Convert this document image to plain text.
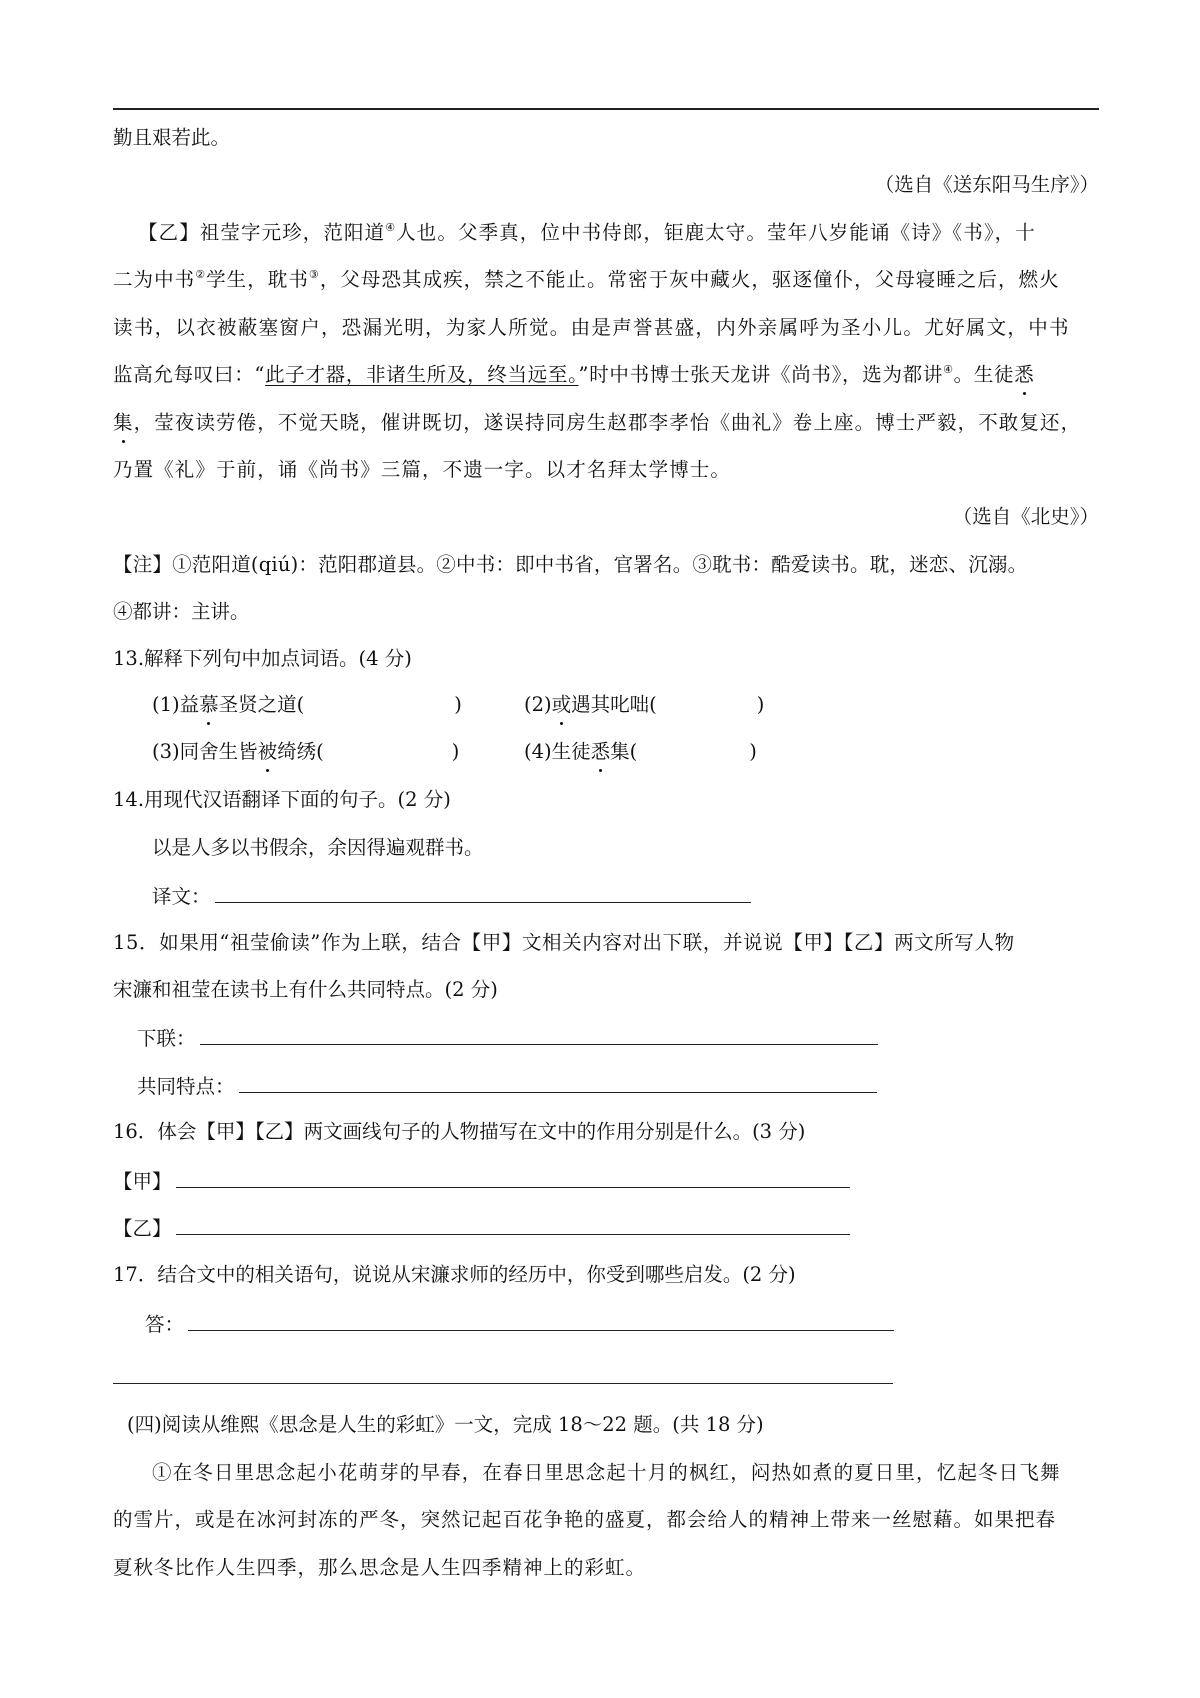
勤且艰若此。
（选自《送东阳马生序》）
【乙】祖莹字元珍，范阳道④人也。父季真，位中书侍郎，钜鹿太守。莹年八岁能诵《诗》《书》，十
二为中书②学生，耽书③，父母恐其成疾，禁之不能止。常密于灰中藏火，驱逐僮仆，父母寝睡之后，燃火
读书，以衣被蔽塞窗户，恐漏光明，为家人所觉。由是声誉甚盛，内外亲属呼为圣小儿。尤好属文，中书
监高允每叹曰：“此子才器，非诸生所及，终当远至。”时中书博士张天龙讲《尚书》，选为都讲④。生徒悉
集，莹夜读劳倦，不觉天晓，催讲既切，遂误持同房生赵郡李孝怡《曲礼》卷上座。博士严毅，不敢复还，
乃置《礼》于前，诵《尚书》三篇，不遗一字。以才名拜太学博士。
（选自《北史》）
【注】①范阳道(qiú)：范阳郡道县。②中书：即中书省，官署名。③耽书：酷爱读书。耽，迷恋、沉溺。
④都讲：主讲。
13.解释下列句中加点词语。(4 分)
(1)益慕圣贤之道(	)	(2)或遇其叱咄(	)
(3)同舍生皆被绮绣(	)	(4)生徒悉集(	)
14.用现代汉语翻译下面的句子。(2 分)
以是人多以书假余，余因得遍观群书。
译文：
15．如果用“祖莹偷读”作为上联，结合【甲】文相关内容对出下联，并说说【甲】【乙】两文所写人物
宋濂和祖莹在读书上有什么共同特点。(2 分)
下联：
共同特点：
16．体会【甲】【乙】两文画线句子的人物描写在文中的作用分别是什么。(3 分)
【甲】
【乙】
17．结合文中的相关语句，说说从宋濂求师的经历中，你受到哪些启发。(2 分)
答：
(四)阅读从维熙《思念是人生的彩虹》一文，完成 18～22 题。(共 18 分)
①在冬日里思念起小花萌芽的早春，在春日里思念起十月的枫红，闷热如煮的夏日里，忆起冬日飞舞
的雪片，或是在冰河封冻的严冬，突然记起百花争艳的盛夏，都会给人的精神上带来一丝慰藉。如果把春
夏秋冬比作人生四季，那么思念是人生四季精神上的彩虹。
